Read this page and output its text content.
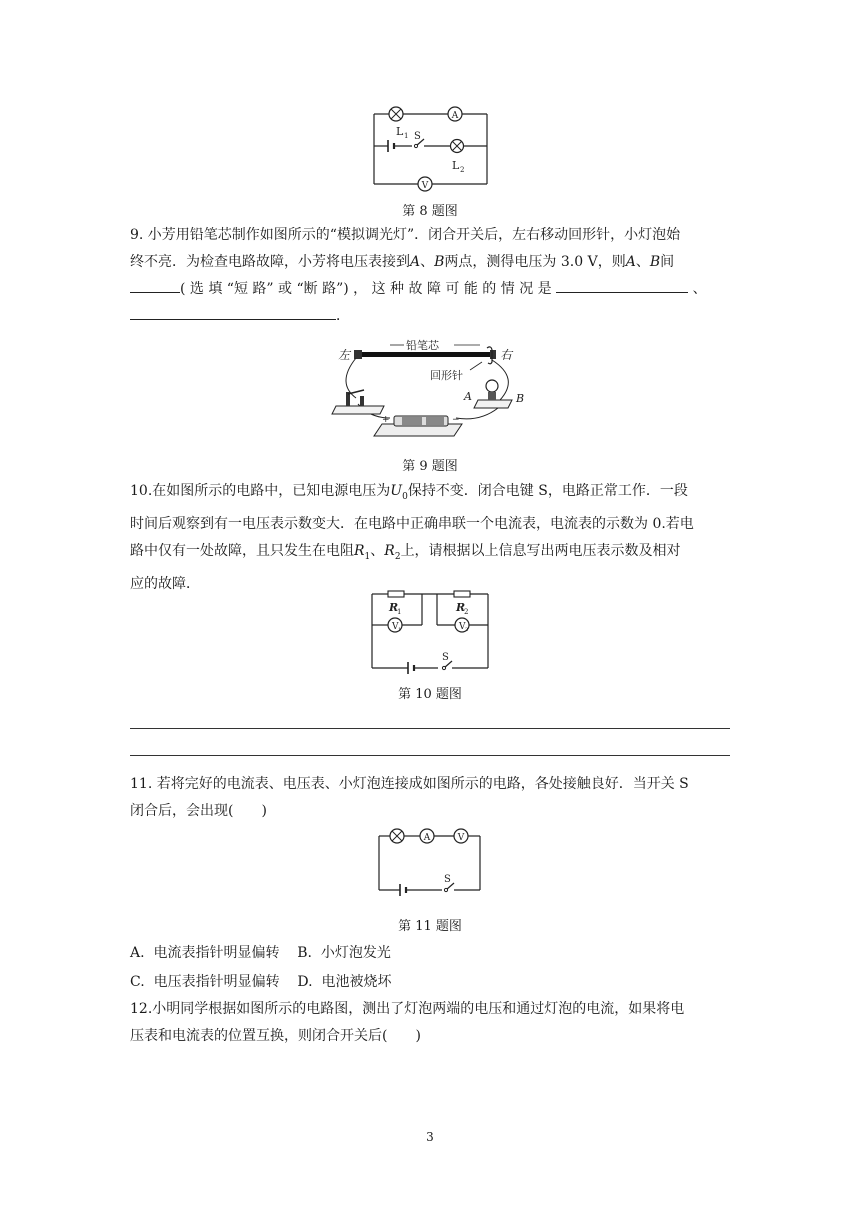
A
V
L 1 S
L 2
第 8 题图
9. 小芳用铅笔芯制作如图所示的“模拟调光灯”．闭合开关后，左右移动回形针，小灯泡始
终不亮．为检查电路故障，小芳将电压表接到A、B两点，测得电压为 3.0 V，则A、B间
( 选 填 “短 路” 或 “断 路”) ， 这 种 故 障 可 能 的 情 况 是	、
．
左	右
铅笔芯
回形针
A	B
+	−
第 9 题图
10.在如图所示的电路中，已知电源电压为$U_0$保持不变．闭合电键 S，电路正常工作．一段
时间后观察到有一电压表示数变大．在电路中正确串联一个电流表，电流表的示数为 0.若电
路中仅有一处故障，且只发生在电阻$R_1$、$R_2$上，请根据以上信息写出两电压表示数及相对
应的故障．
R
1	R
2
V 1	V 2
S
第 10 题图
11. 若将完好的电流表、电压表、小灯泡连接成如图所示的电路，各处接触良好．当开关 S
闭合后，会出现(　　)
A	V
S
第 11 题图
A.  电流表指针明显偏转    B.  小灯泡发光
C.  电压表指针明显偏转    D.  电池被烧坏
12.小明同学根据如图所示的电路图，测出了灯泡两端的电压和通过灯泡的电流，如果将电
压表和电流表的位置互换，则闭合开关后(　　)
3
